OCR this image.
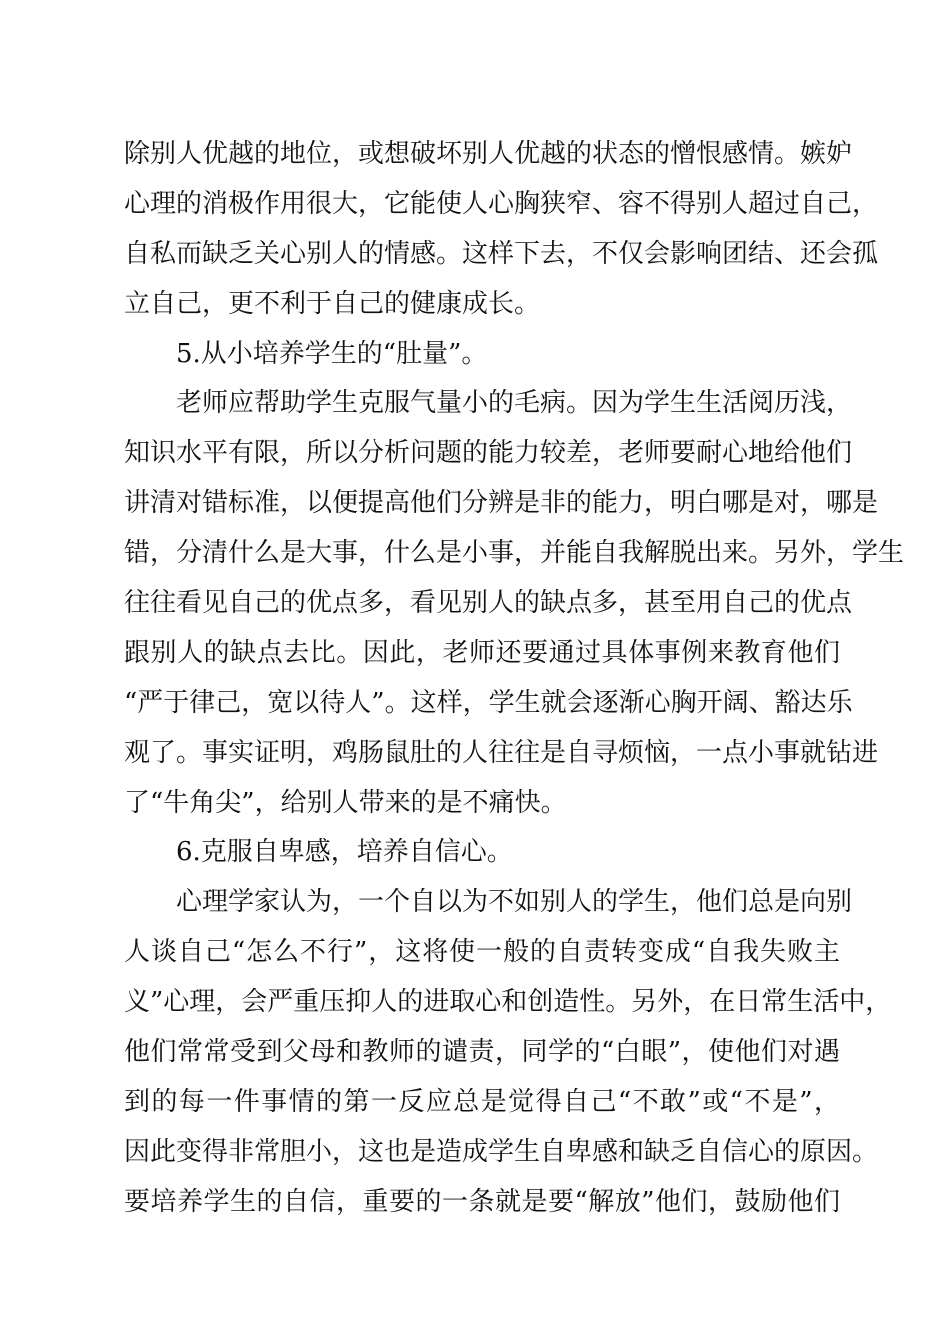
除别人优越的地位，或想破坏别人优越的状态的憎恨感情。嫉妒
心理的消极作用很大，它能使人心胸狭窄、容不得别人超过自己，
自私而缺乏关心别人的情感。这样下去，不仅会影响团结、还会孤
立自己，更不利于自己的健康成长。
5.从小培养学生的“肚量”。
老师应帮助学生克服气量小的毛病。因为学生生活阅历浅，
知识水平有限，所以分析问题的能力较差，老师要耐心地给他们
讲清对错标准，以便提高他们分辨是非的能力，明白哪是对，哪是
错，分清什么是大事，什么是小事，并能自我解脱出来。另外，学生
往往看见自己的优点多，看见别人的缺点多，甚至用自己的优点
跟别人的缺点去比。因此，老师还要通过具体事例来教育他们
“严于律己，宽以待人”。这样，学生就会逐渐心胸开阔、豁达乐
观了。事实证明，鸡肠鼠肚的人往往是自寻烦恼，一点小事就钻进
了“牛角尖”，给别人带来的是不痛快。
6.克服自卑感，培养自信心。
心理学家认为，一个自以为不如别人的学生，他们总是向别
人谈自己“怎么不行”，这将使一般的自责转变成“自我失败主
义”心理，会严重压抑人的进取心和创造性。另外，在日常生活中，
他们常常受到父母和教师的谴责，同学的“白眼”，使他们对遇
到的每一件事情的第一反应总是觉得自己“不敢”或“不是”，
因此变得非常胆小，这也是造成学生自卑感和缺乏自信心的原因。
要培养学生的自信，重要的一条就是要“解放”他们，鼓励他们
